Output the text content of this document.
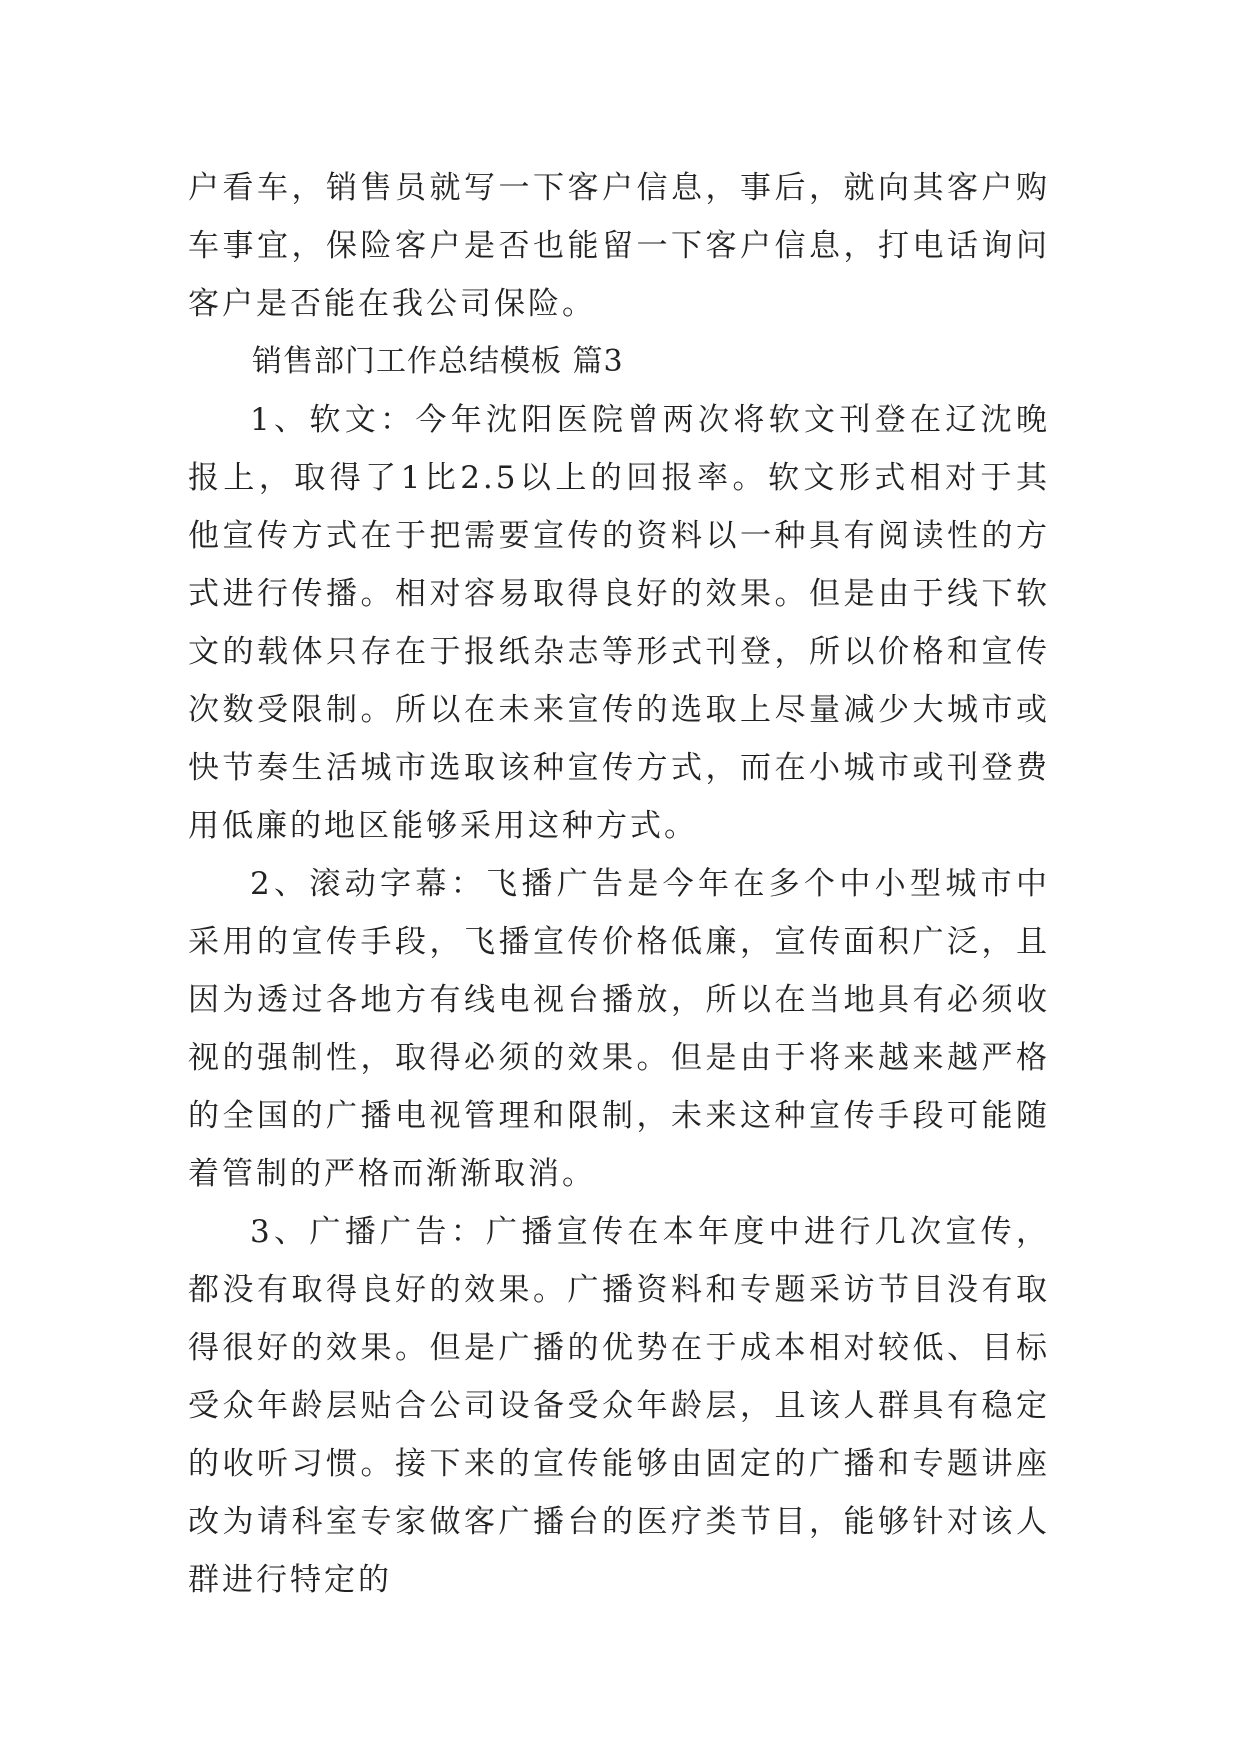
户看车，销售员就写一下客户信息，事后，就向其客户购车事宜，保险客户是否也能留一下客户信息，打电话询问客户是否能在我公司保险。
销售部门工作总结模板 篇3
1、软文：今年沈阳医院曾两次将软文刊登在辽沈晚报上，取得了1比2.5以上的回报率。软文形式相对于其他宣传方式在于把需要宣传的资料以一种具有阅读性的方式进行传播。相对容易取得良好的效果。但是由于线下软文的载体只存在于报纸杂志等形式刊登，所以价格和宣传次数受限制。所以在未来宣传的选取上尽量减少大城市或快节奏生活城市选取该种宣传方式，而在小城市或刊登费用低廉的地区能够采用这种方式。
2、滚动字幕：飞播广告是今年在多个中小型城市中采用的宣传手段，飞播宣传价格低廉，宣传面积广泛，且因为透过各地方有线电视台播放，所以在当地具有必须收视的强制性，取得必须的效果。但是由于将来越来越严格的全国的广播电视管理和限制，未来这种宣传手段可能随着管制的严格而渐渐取消。
3、广播广告：广播宣传在本年度中进行几次宣传，都没有取得良好的效果。广播资料和专题采访节目没有取得很好的效果。但是广播的优势在于成本相对较低、目标受众年龄层贴合公司设备受众年龄层，且该人群具有稳定的收听习惯。接下来的宣传能够由固定的广播和专题讲座改为请科室专家做客广播台的医疗类节目，能够针对该人群进行特定的
